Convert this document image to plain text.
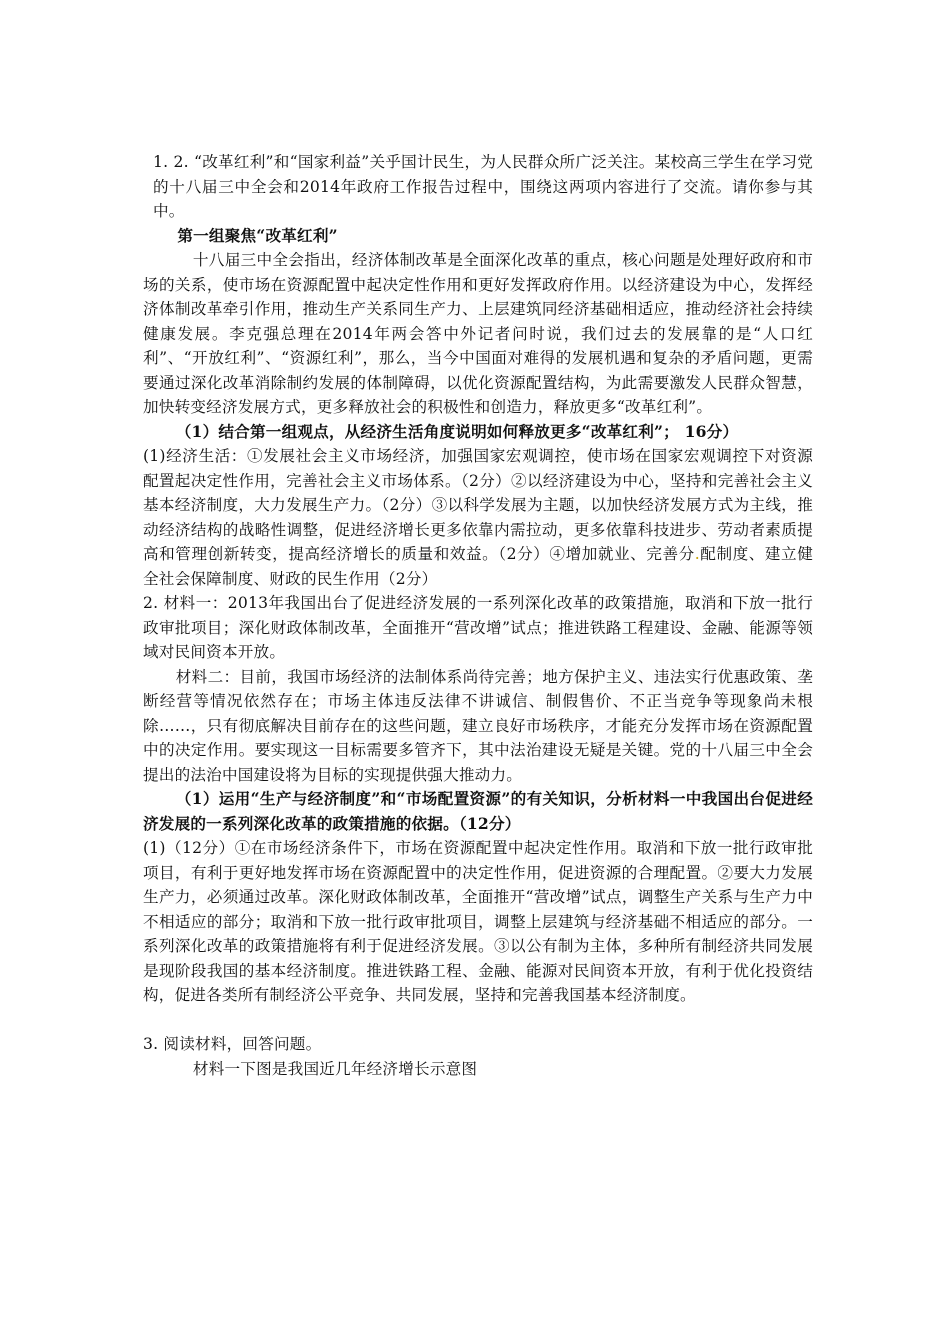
1. 2. “改革红利”和“国家利益”关乎国计民生，为人民群众所广泛关注。某校高三学生在学习党的十八届三中全会和2014年政府工作报告过程中，围绕这两项内容进行了交流。请你参与其中。

第一组聚焦“改革红利”

十八届三中全会指出，经济体制改革是全面深化改革的重点，核心问题是处理好政府和市场的关系，使市场在资源配置中起决定性作用和更好发挥政府作用。以经济建设为中心，发挥经济体制改革牵引作用，推动生产关系同生产力、上层建筑同经济基础相适应，推动经济社会持续健康发展。李克强总理在2014年两会答中外记者问时说，我们过去的发展靠的是“人口红利”、“开放红利”、“资源红利”，那么，当今中国面对难得的发展机遇和复杂的矛盾问题，更需要通过深化改革消除制约发展的体制障碍，以优化资源配置结构，为此需要激发人民群众智慧，加快转变经济发展方式，更多释放社会的积极性和创造力，释放更多“改革红利”。

（1）结合第一组观点，从经济生活角度说明如何释放更多“改革红利”； 16分）

(1)经济生活：①发展社会主义市场经济，加强国家宏观调控，使市场在国家宏观调控下对资源配置起决定性作用，完善社会主义市场体系。（2分）②以经济建设为中心，坚持和完善社会主义基本经济制度，大力发展生产力。（2分）③以科学发展为主题，以加快经济发展方式为主线，推动经济结构的战略性调整，促进经济增长更多依靠内需拉动，更多依靠科技进步、劳动者素质提高和管理创新转变，提高经济增长的质量和效益。（2分）④增加就业、完善分.配制度、建立健全社会保障制度、财政的民生作用（2分）

2. 材料一：2013年我国出台了促进经济发展的一系列深化改革的政策措施，取消和下放一批行政审批项目；深化财政体制改革，全面推开“营改增”试点；推进铁路工程建设、金融、能源等领域对民间资本开放。

材料二：目前，我国市场经济的法制体系尚待完善；地方保护主义、违法实行优惠政策、垄断经营等情况依然存在；市场主体违反法律不讲诚信、制假售价、不正当竞争等现象尚未根除……，只有彻底解决目前存在的这些问题，建立良好市场秩序，才能充分发挥市场在资源配置中的决定作用。要实现这一目标需要多管齐下，其中法治建设无疑是关键。党的十八届三中全会提出的法治中国建设将为目标的实现提供强大推动力。

（1）运用“生产与经济制度”和“市场配置资源”的有关知识，分析材料一中我国出台促进经济发展的一系列深化改革的政策措施的依据。（12分）

(1)（12分）①在市场经济条件下，市场在资源配置中起决定性作用。取消和下放一批行政审批项目，有利于更好地发挥市场在资源配置中的决定性作用，促进资源的合理配置。②要大力发展生产力，必须通过改革。深化财政体制改革，全面推开“营改增”试点，调整生产关系与生产力中不相适应的部分；取消和下放一批行政审批项目，调整上层建筑与经济基础不相适应的部分。一系列深化改革的政策措施将有利于促进经济发展。③以公有制为主体，多种所有制经济共同发展是现阶段我国的基本经济制度。推进铁路工程、金融、能源对民间资本开放，有利于优化投资结构，促进各类所有制经济公平竞争、共同发展，坚持和完善我国基本经济制度。

3. 阅读材料，回答问题。

材料一下图是我国近几年经济增长示意图
